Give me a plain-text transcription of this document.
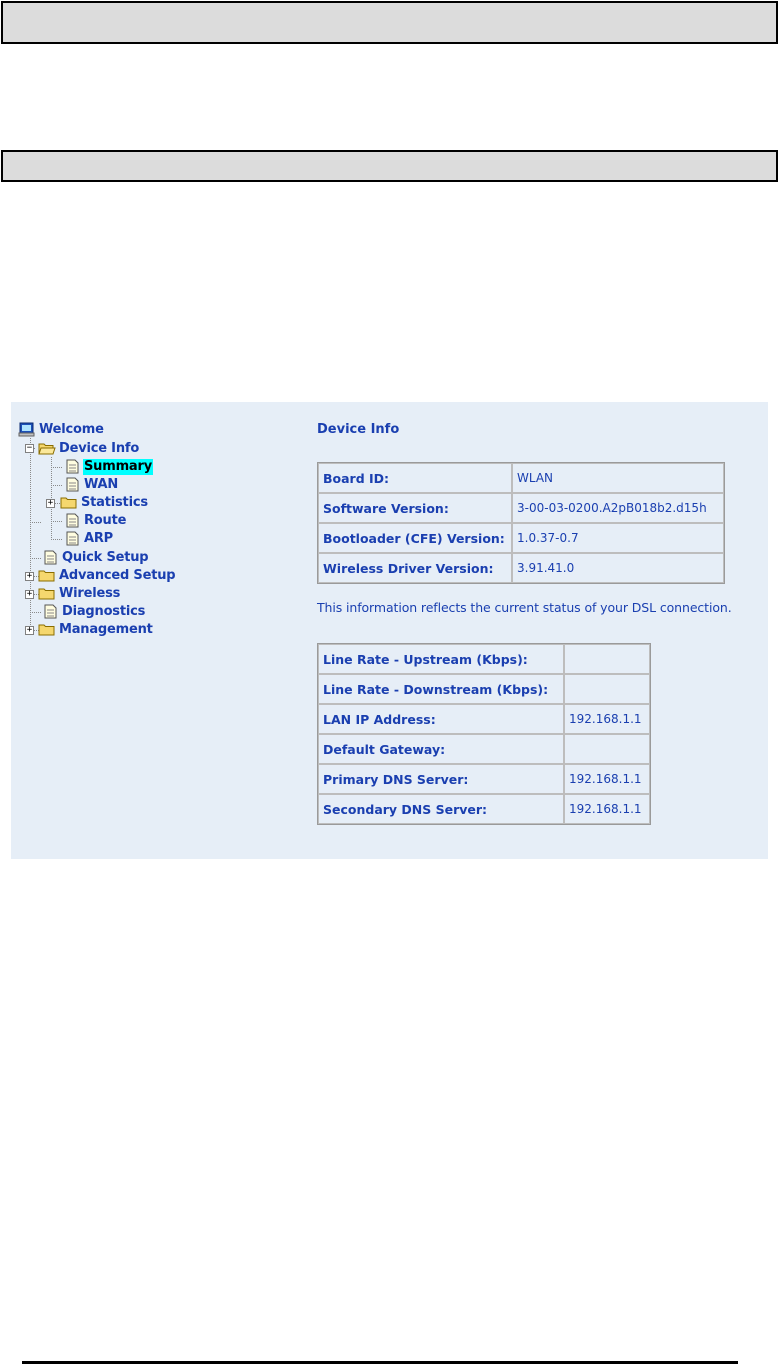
Welcome
− Device Info
Summary
WAN
+ Statistics
Route
ARP
Quick Setup
+ Advanced Setup
+ Wireless
Diagnostics
+ Management
Device Info
Board ID:	WLAN
Software Version:	3-00-03-0200.A2pB018b2.d15h
Bootloader (CFE) Version:	1.0.37-0.7
Wireless Driver Version:	3.91.41.0
This information reflects the current status of your DSL connection.
Line Rate - Upstream (Kbps):	
Line Rate - Downstream (Kbps):	
LAN IP Address:	192.168.1.1
Default Gateway:	
Primary DNS Server:	192.168.1.1
Secondary DNS Server:	192.168.1.1
